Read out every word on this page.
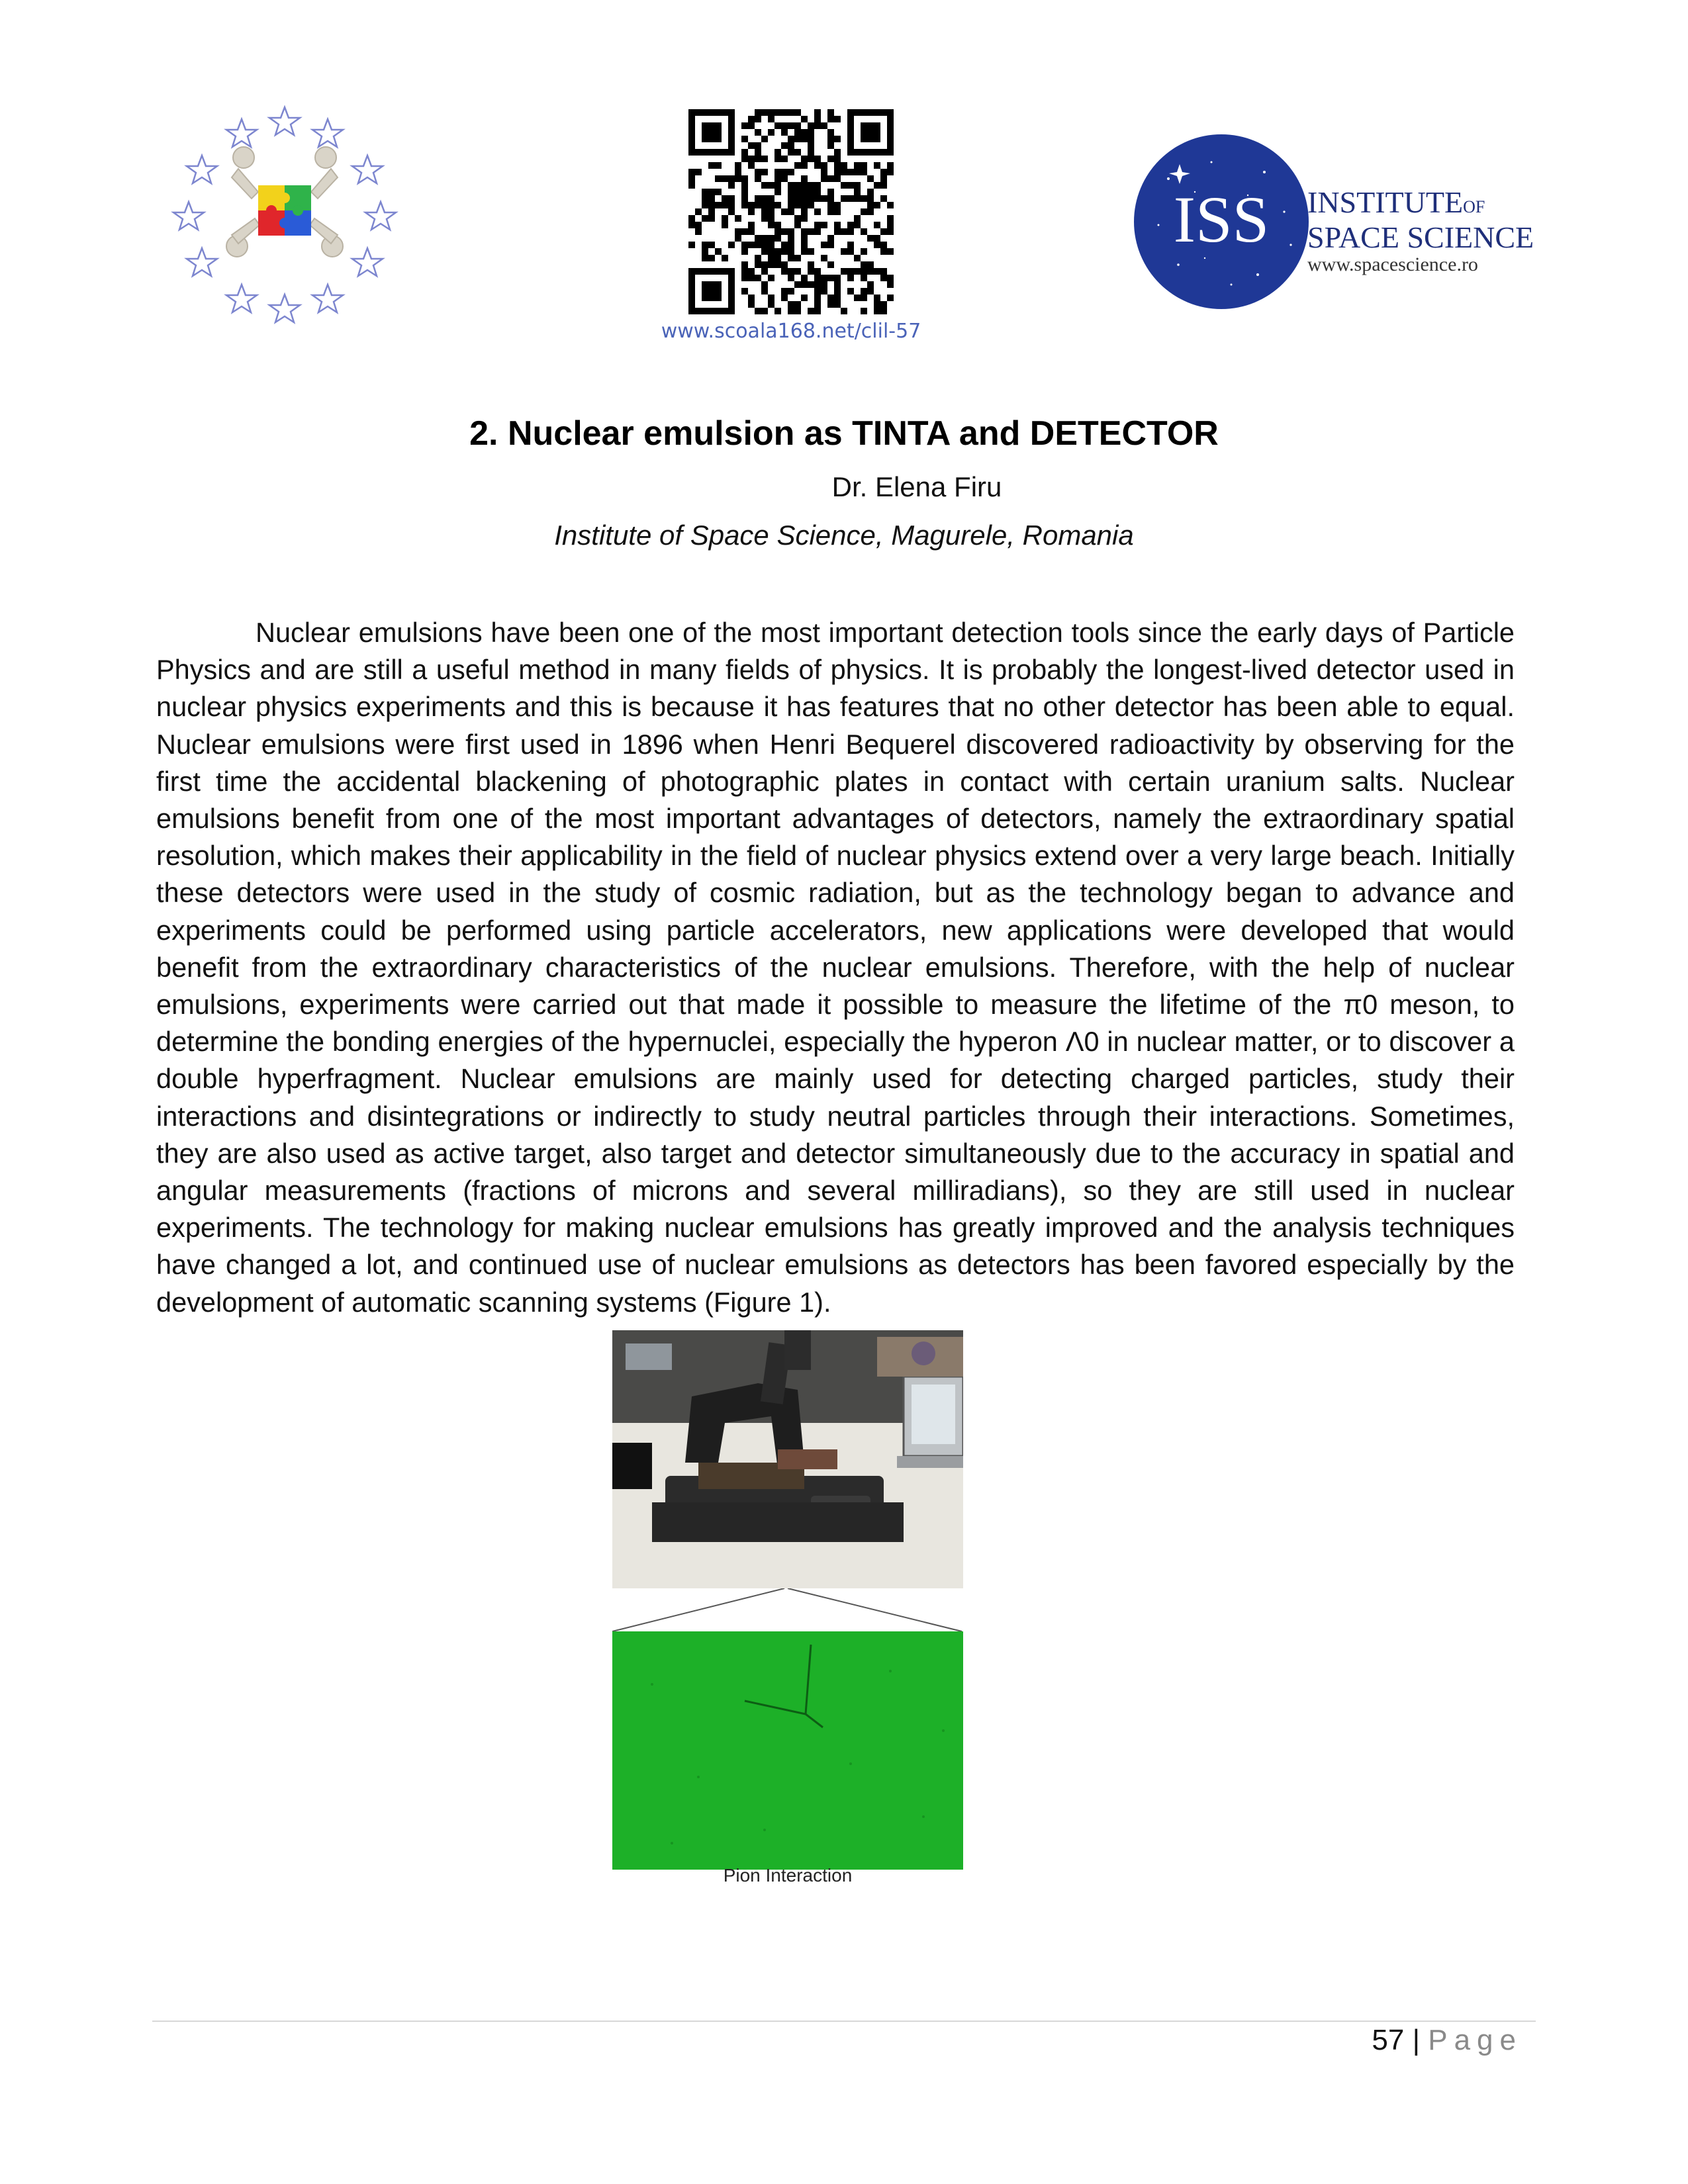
www.scoala168.net/clil-57
ISS INSTITUTEOF
SPACE SCIENCE
www.spacescience.ro
2. Nuclear emulsion as TINTA and DETECTOR
Dr. Elena Firu
Institute of Space Science, Magurele, Romania
Nuclear emulsions have been one of the most important detection tools since the early days of Particle Physics and are still a useful method in many fields of physics. It is probably the longest-lived detector used in nuclear physics experiments and this is because it has features that no other detector has been able to equal. Nuclear emulsions were first used in 1896 when Henri Bequerel discovered radioactivity by observing for the first time the accidental blackening of photographic plates in contact with certain uranium salts. Nuclear emulsions benefit from one of the most important advantages of detectors, namely the extraordinary spatial resolution, which makes their applicability in the field of nuclear physics extend over a very large beach. Initially these detectors were used in the study of cosmic radiation, but as the technology began to advance and experiments could be performed using particle accelerators, new applications were developed that would benefit from the extraordinary characteristics of the nuclear emulsions. Therefore, with the help of nuclear emulsions, experiments were carried out that made it possible to measure the lifetime of the π0 meson, to determine the bonding energies of the hypernuclei, especially the hyperon Λ0 in nuclear matter, or to discover a double hyperfragment. Nuclear emulsions are mainly used for detecting charged particles, study their interactions and disintegrations or indirectly to study neutral particles through their interactions. Sometimes, they are also used as active target, also target and detector simultaneously due to the accuracy in spatial and angular measurements (fractions of microns and several milliradians), so they are still used in nuclear experiments. The technology for making nuclear emulsions has greatly improved and the analysis techniques have changed a lot, and continued use of nuclear emulsions as detectors has been favored especially by the development of automatic scanning systems (Figure 1).
Pion Interaction
57 | Page
